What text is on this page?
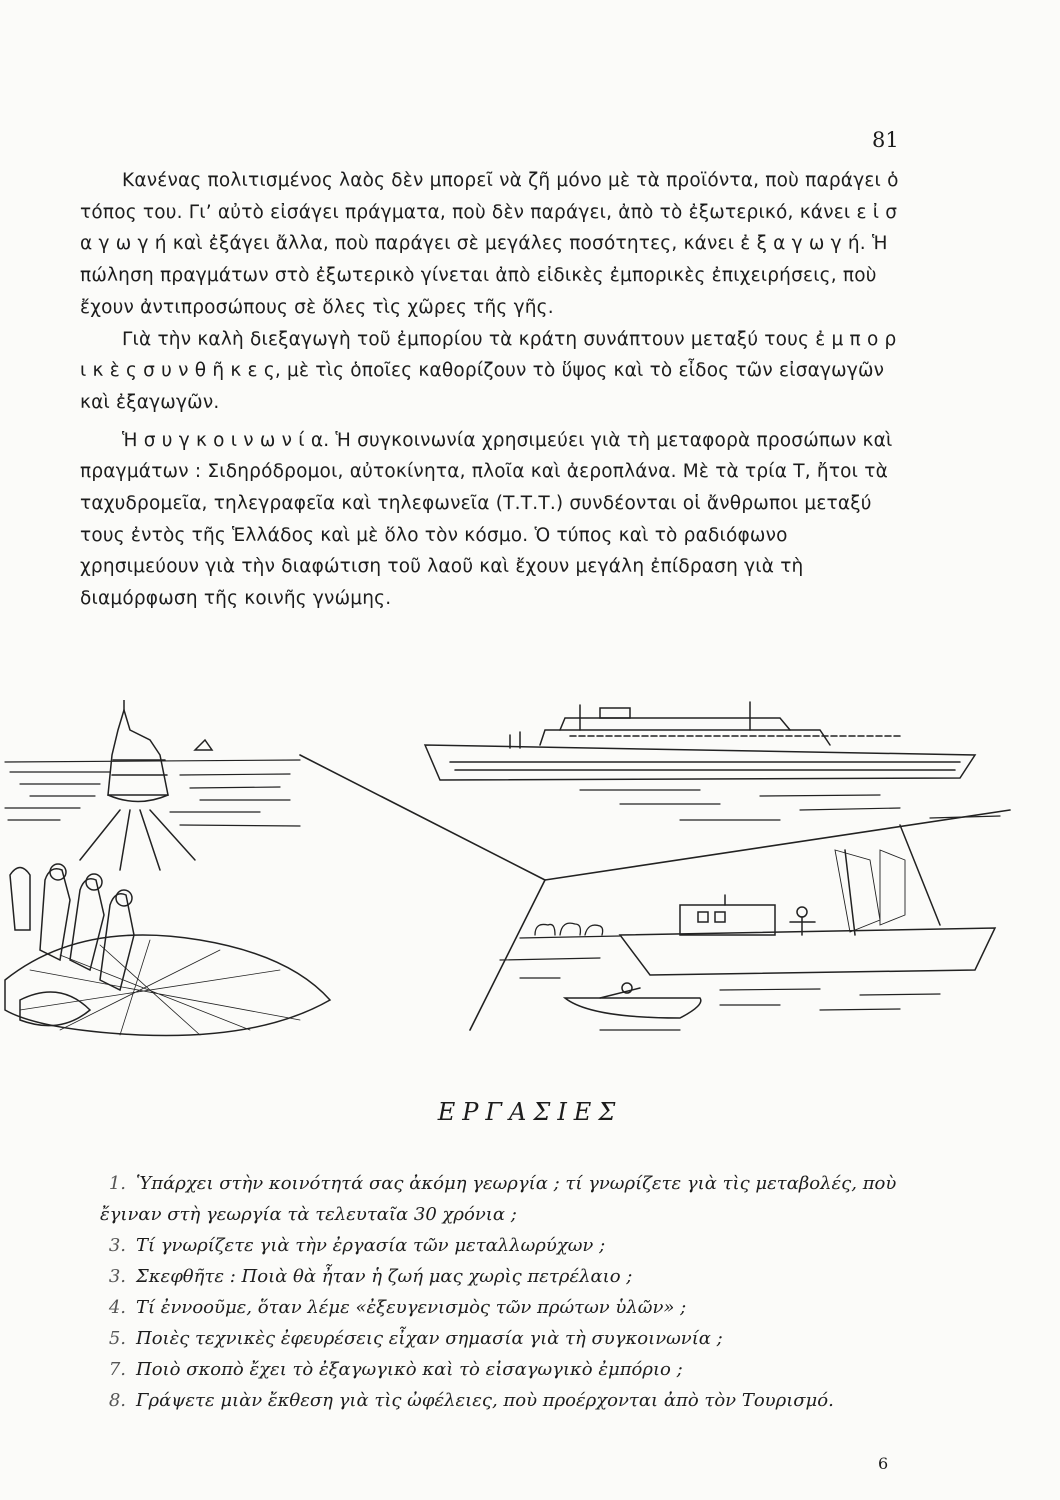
81

Κανένας πολιτισμένος λαὸς δὲν μπορεῖ νὰ ζῆ μόνο μὲ τὰ προϊόντα, ποὺ παράγει ὁ τόπος του. Γι’ αὐτὸ εἰσάγει πράγματα, ποὺ δὲν παράγει, ἀπὸ τὸ ἐξωτερικό, κάνει ε ἰ σ α γ ω γ ή καὶ ἐξάγει ἄλλα, ποὺ παράγει σὲ μεγάλες ποσότητες, κάνει ἐ ξ α γ ω γ ή. Ἡ πώληση πραγμάτων στὸ ἐξωτερικὸ γίνεται ἀπὸ εἰδικὲς ἐμπορικὲς ἐπιχειρήσεις, ποὺ ἔχουν ἀντιπροσώπους σὲ ὅλες τὶς χῶρες τῆς γῆς.

Γιὰ τὴν καλὴ διεξαγωγὴ τοῦ ἐμπορίου τὰ κράτη συνάπτουν μεταξύ τους ἐ μ π ο ρ ι κ ὲ ς σ υ ν θ ῆ κ ε ς, μὲ τὶς ὁποῖες καθορίζουν τὸ ὕψος καὶ τὸ εἶδος τῶν εἰσαγωγῶν καὶ ἐξαγωγῶν.

Ἡ σ υ γ κ ο ι ν ω ν ί α. Ἡ συγκοινωνία χρησιμεύει γιὰ τὴ μεταφορὰ προσώπων καὶ πραγμάτων : Σιδηρόδρομοι, αὐτοκίνητα, πλοῖα καὶ ἀεροπλάνα. Μὲ τὰ τρία Τ, ἤτοι τὰ ταχυδρομεῖα, τηλεγραφεῖα καὶ τηλεφωνεῖα (Τ.Τ.Τ.) συνδέονται οἱ ἄνθρωποι μεταξύ τους ἐντὸς τῆς Ἑλλάδος καὶ μὲ ὅλο τὸν κόσμο. Ὁ τύπος καὶ τὸ ραδιόφωνο χρησιμεύουν γιὰ τὴν διαφώτιση τοῦ λαοῦ καὶ ἔχουν μεγάλη ἐπίδραση γιὰ τὴ διαμόρφωση τῆς κοινῆς γνώμης.

ΕΡΓΑΣΙΕΣ
1. Ὑπάρχει στὴν κοινότητά σας ἀκόμη γεωργία ; τί γνωρίζετε γιὰ τὶς μεταβολές, ποὺ ἔγιναν στὴ γεωργία τὰ τελευταῖα 30 χρόνια ;
3. Τί γνωρίζετε γιὰ τὴν ἐργασία τῶν μεταλλωρύχων ;
3. Σκεφθῆτε : Ποιὰ θὰ ἦταν ἡ ζωή μας χωρὶς πετρέλαιο ;
4. Τί ἐννοοῦμε, ὅταν λέμε «ἐξευγενισμὸς τῶν πρώτων ὑλῶν» ;
5. Ποιὲς τεχνικὲς ἐφευρέσεις εἶχαν σημασία γιὰ τὴ συγκοινωνία ;
7. Ποιὸ σκοπὸ ἔχει τὸ ἐξαγωγικὸ καὶ τὸ εἰσαγωγικὸ ἐμπόριο ;
8. Γράψετε μιὰν ἔκθεση γιὰ τὶς ὠφέλειες, ποὺ προέρχονται ἀπὸ τὸν Τουρισμό.
6
